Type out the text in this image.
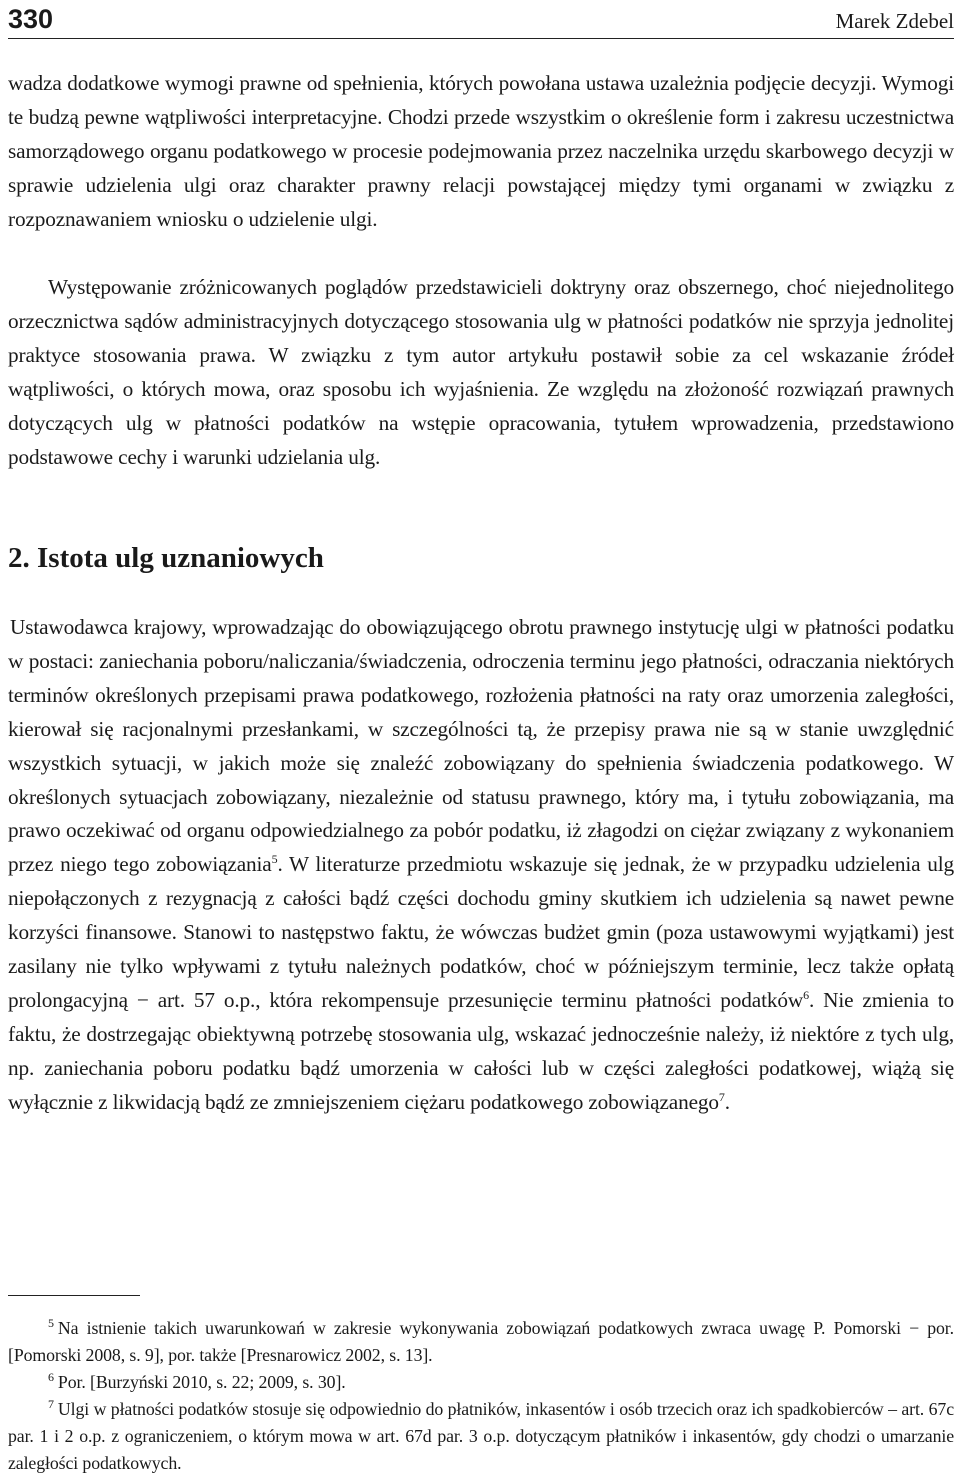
330	Marek Zdebel

wadza dodatkowe wymogi prawne od spełnienia, których powołana ustawa uzależnia podjęcie decyzji. Wymogi te budzą pewne wątpliwości interpretacyjne. Chodzi przede wszystkim o określenie form i zakresu uczestnictwa samorządowego organu podatkowego w procesie podejmowania przez naczelnika urzędu skarbowego decyzji w sprawie udzielenia ulgi oraz charakter prawny relacji powstającej między tymi organami w związku z rozpoznawaniem wniosku o udzielenie ulgi.

Występowanie zróżnicowanych poglądów przedstawicieli doktryny oraz obszernego, choć niejednolitego orzecznictwa sądów administracyjnych dotyczącego stosowania ulg w płatności podatków nie sprzyja jednolitej praktyce stosowania prawa. W związku z tym autor artykułu postawił sobie za cel wskazanie źródeł wątpliwości, o których mowa, oraz sposobu ich wyjaśnienia. Ze względu na złożoność rozwiązań prawnych dotyczących ulg w płatności podatków na wstępie opracowania, tytułem wprowadzenia, przedstawiono podstawowe cechy i warunki udzielania ulg.

2. Istota ulg uznaniowych

Ustawodawca krajowy, wprowadzając do obowiązującego obrotu prawnego instytucję ulgi w płatności podatku w postaci: zaniechania poboru/naliczania/świadczenia, odroczenia terminu jego płatności, odraczania niektórych terminów określonych przepisami prawa podatkowego, rozłożenia płatności na raty oraz umorzenia zaległości, kierował się racjonalnymi przesłankami, w szczególności tą, że przepisy prawa nie są w stanie uwzględnić wszystkich sytuacji, w jakich może się znaleźć zobowiązany do spełnienia świadczenia podatkowego. W określonych sytuacjach zobowiązany, niezależnie od statusu prawnego, który ma, i tytułu zobowiązania, ma prawo oczekiwać od organu odpowiedzialnego za pobór podatku, iż złagodzi on ciężar związany z wykonaniem przez niego tego zobowiązania$^5$. W literaturze przedmiotu wskazuje się jednak, że w przypadku udzielenia ulg niepołączonych z rezygnacją z całości bądź części dochodu gminy skutkiem ich udzielenia są nawet pewne korzyści finansowe. Stanowi to następstwo faktu, że wówczas budżet gmin (poza ustawowymi wyjątkami) jest zasilany nie tylko wpływami z tytułu należnych podatków, choć w późniejszym terminie, lecz także opłatą prolongacyjną − art. 57 o.p., która rekompensuje przesunięcie terminu płatności podatków$^6$. Nie zmienia to faktu, że dostrzegając obiektywną potrzebę stosowania ulg, wskazać jednocześnie należy, iż niektóre z tych ulg, np. zaniechania poboru podatku bądź umorzenia w całości lub w części zaległości podatkowej, wiążą się wyłącznie z likwidacją bądź ze zmniejszeniem ciężaru podatkowego zobowiązanego$^7$.

$^5$ Na istnienie takich uwarunkowań w zakresie wykonywania zobowiązań podatkowych zwraca uwagę P. Pomorski − por. [Pomorski 2008, s. 9], por. także [Presnarowicz 2002, s. 13].

$^6$ Por. [Burzyński 2010, s. 22; 2009, s. 30].

$^7$ Ulgi w płatności podatków stosuje się odpowiednio do płatników, inkasentów i osób trzecich oraz ich spadkobierców – art. 67c par. 1 i 2 o.p. z ograniczeniem, o którym mowa w art. 67d par. 3 o.p. dotyczącym płatników i inkasentów, gdy chodzi o umarzanie zaległości podatkowych.
